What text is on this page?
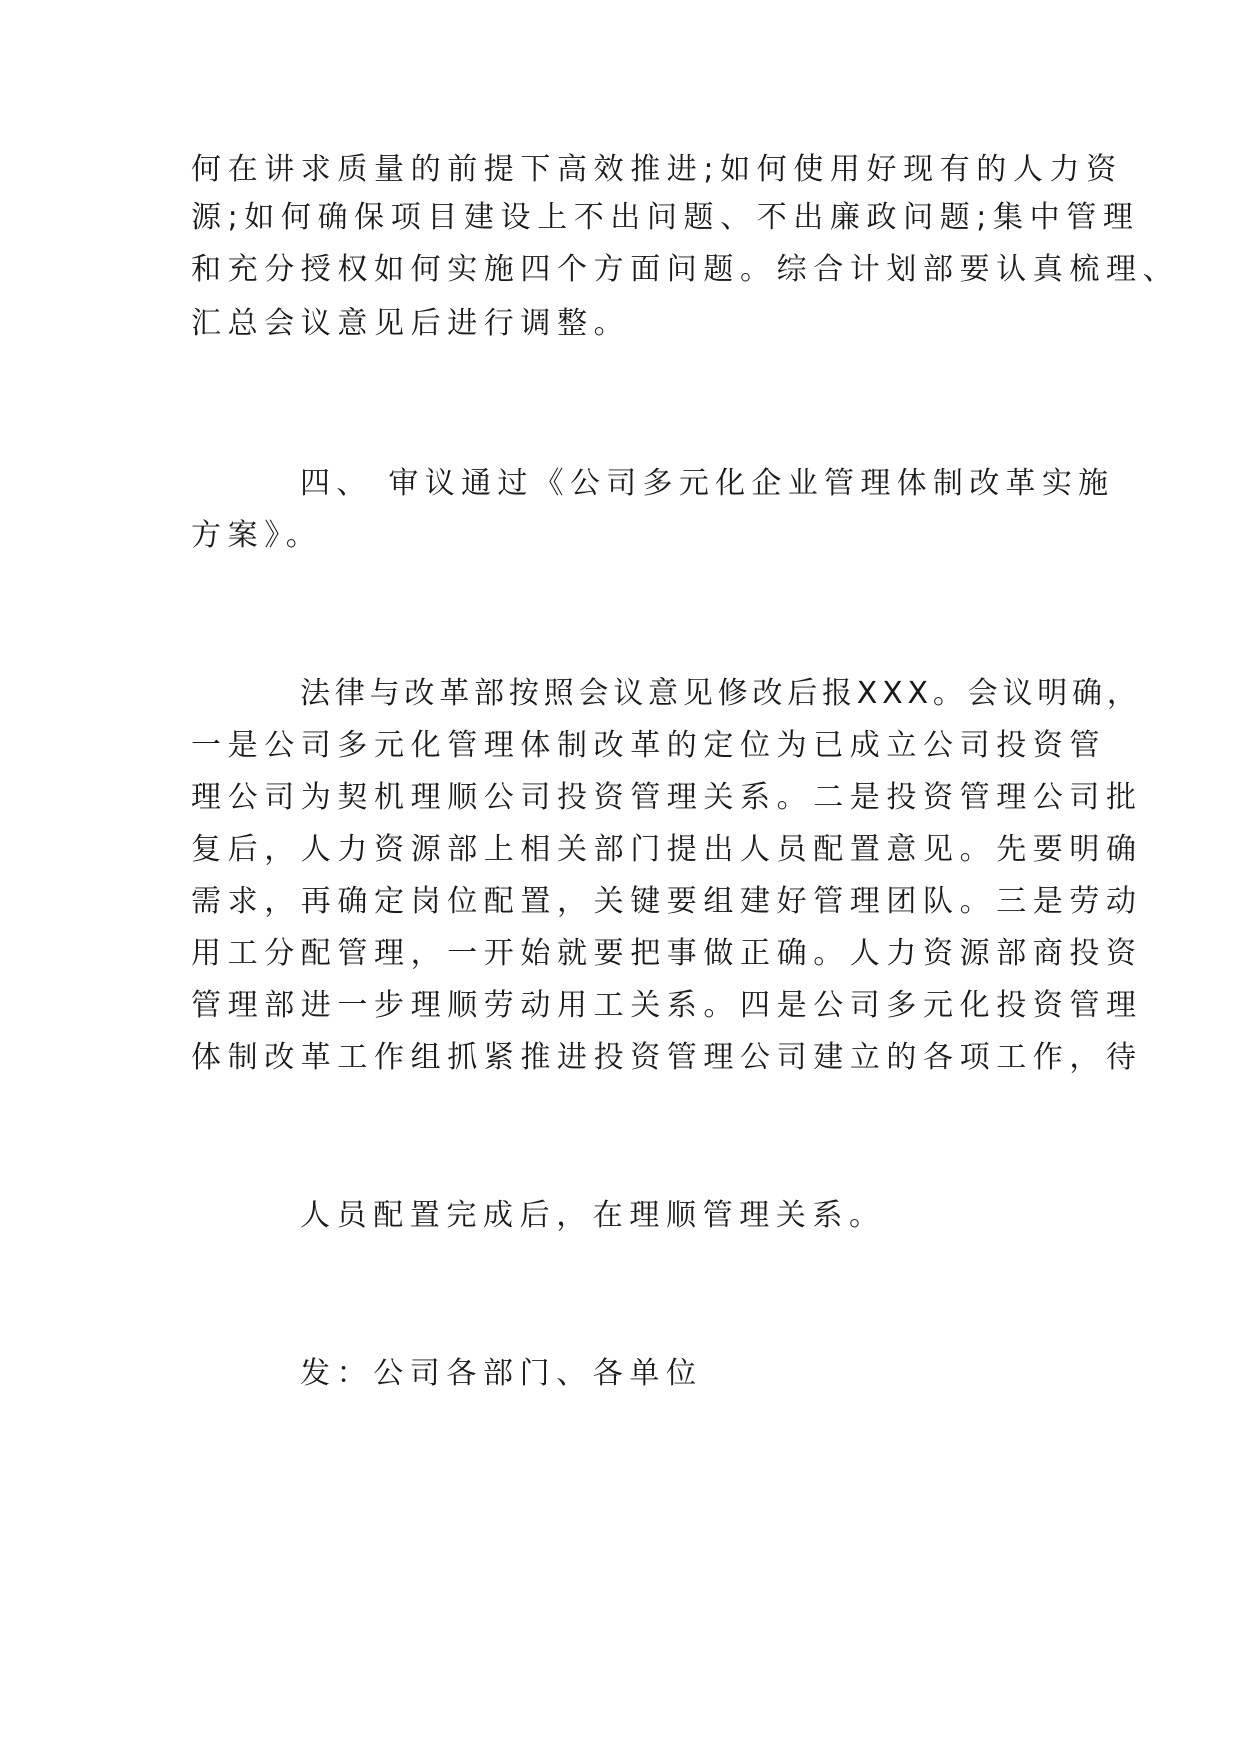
何在讲求质量的前提下高效推进;如何使用好现有的人力资
源;如何确保项目建设上不出问题、不出廉政问题;集中管理
和充分授权如何实施四个方面问题。综合计划部要认真梳理、
汇总会议意见后进行调整。
四、 审议通过《公司多元化企业管理体制改革实施
方案》。
法律与改革部按照会议意见修改后报XXX。会议明确，
一是公司多元化管理体制改革的定位为已成立公司投资管
理公司为契机理顺公司投资管理关系。二是投资管理公司批
复后，人力资源部上相关部门提出人员配置意见。先要明确
需求，再确定岗位配置，关键要组建好管理团队。三是劳动
用工分配管理，一开始就要把事做正确。人力资源部商投资
管理部进一步理顺劳动用工关系。四是公司多元化投资管理
体制改革工作组抓紧推进投资管理公司建立的各项工作，待
人员配置完成后，在理顺管理关系。
发：公司各部门、各单位
